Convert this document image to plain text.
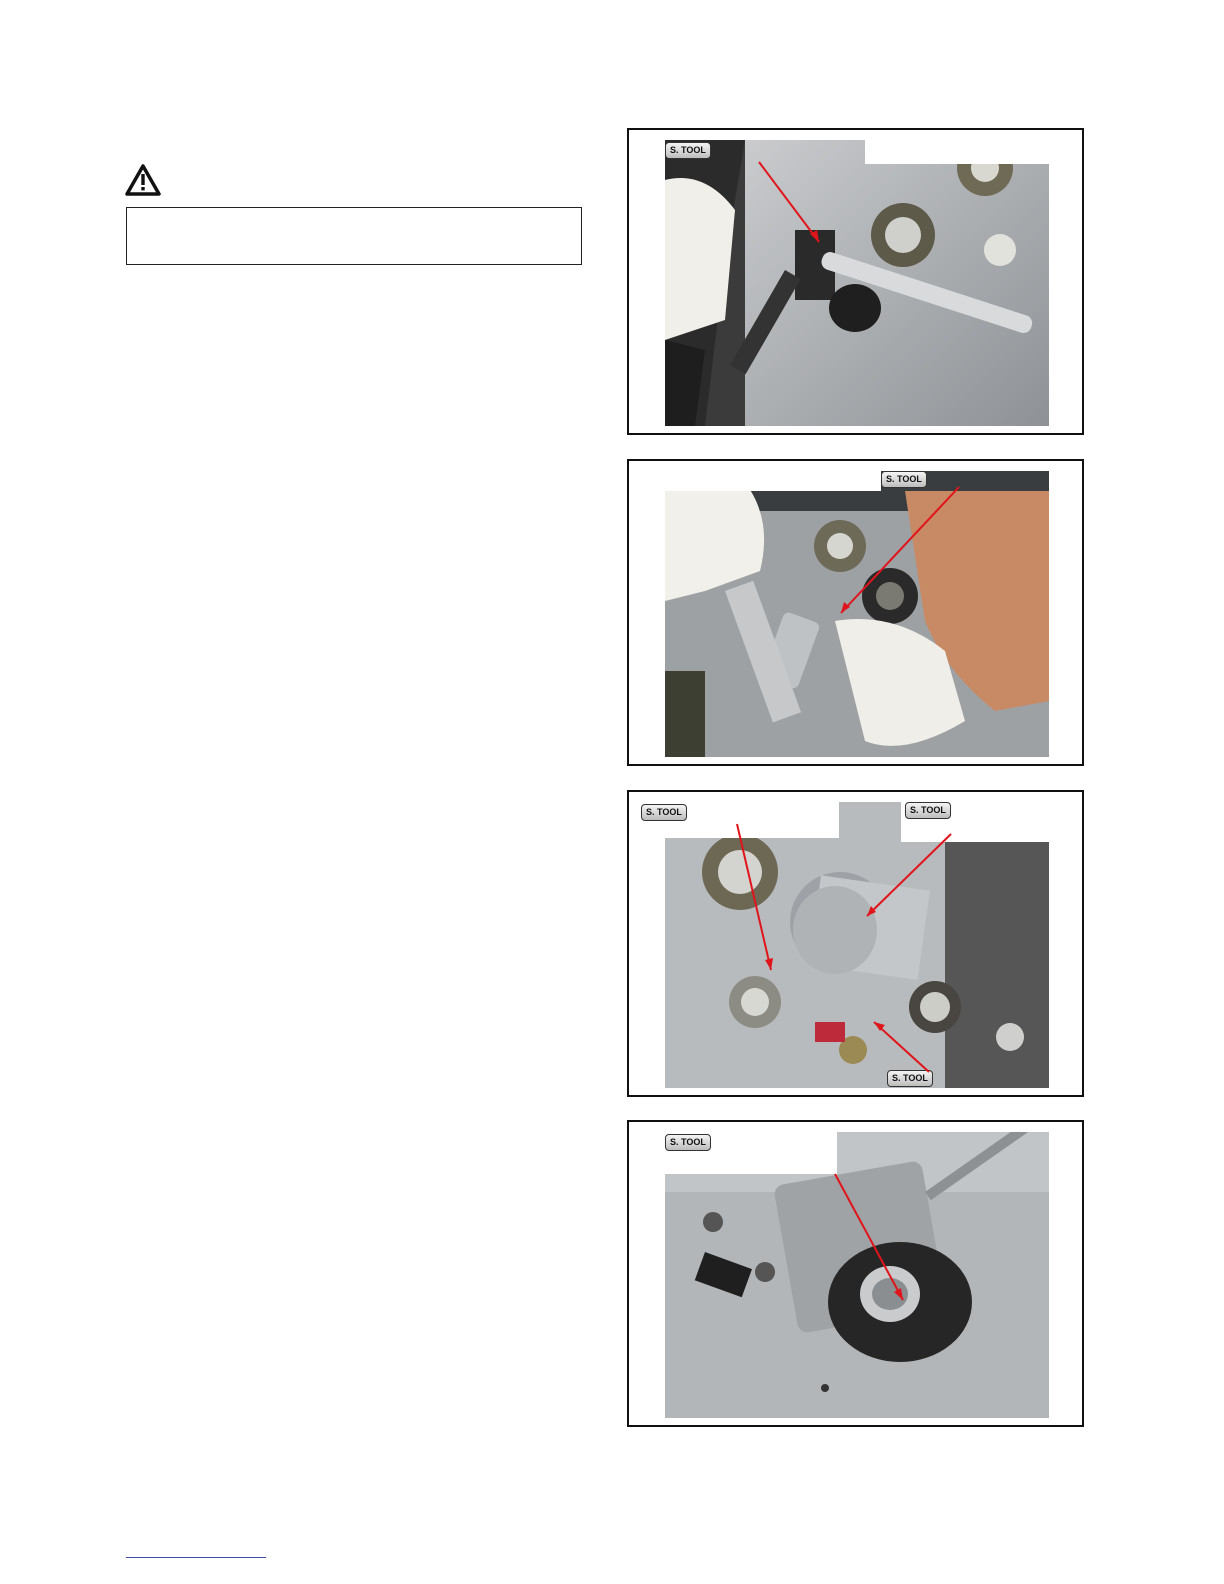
S. TOOL
S. TOOL
S. TOOL	S. TOOL
S. TOOL
S. TOOL
